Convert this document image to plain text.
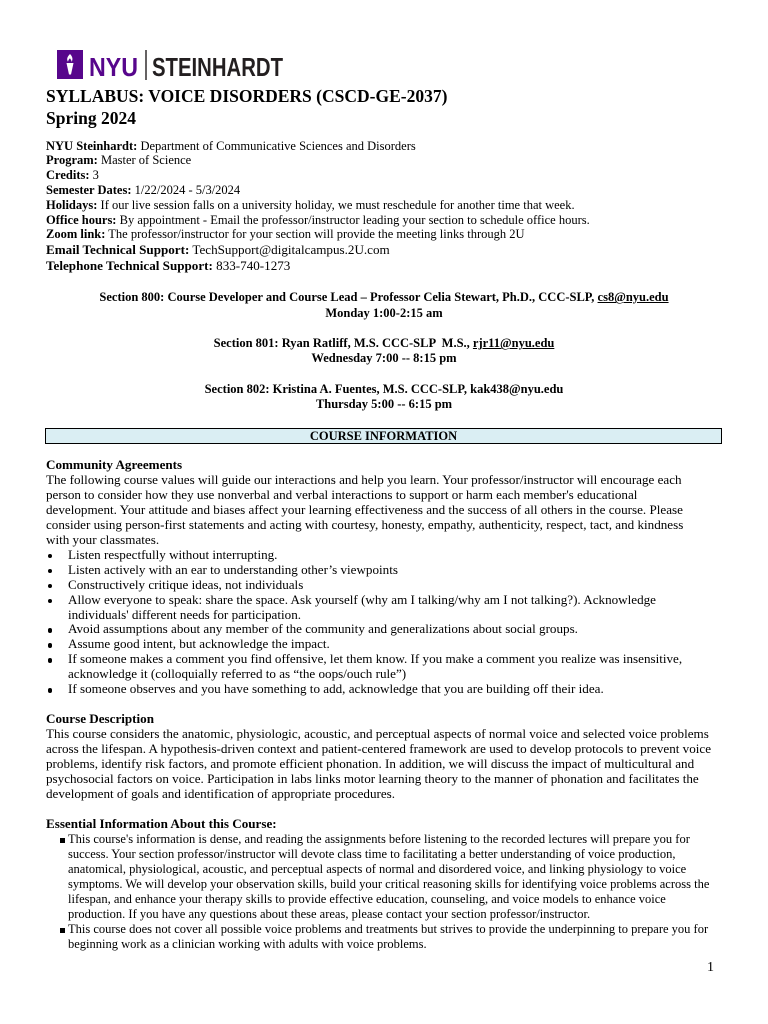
NYU STEINHARDT
SYLLABUS: VOICE DISORDERS (CSCD-GE-2037)
Spring 2024
NYU Steinhardt: Department of Communicative Sciences and Disorders
Program: Master of Science
Credits: 3
Semester Dates: 1/22/2024 - 5/3/2024
Holidays: If our live session falls on a university holiday, we must reschedule for another time that week.
Office hours: By appointment - Email the professor/instructor leading your section to schedule office hours.
Zoom link: The professor/instructor for your section will provide the meeting links through 2U
Email Technical Support: TechSupport@digitalcampus.2U.com
Telephone Technical Support: 833-740-1273
Section 800: Course Developer and Course Lead – Professor Celia Stewart, Ph.D., CCC-SLP, cs8@nyu.edu
Monday 1:00-2:15 am
Section 801: Ryan Ratliff, M.S. CCC-SLP  M.S., rjr11@nyu.edu
Wednesday 7:00 -- 8:15 pm
Section 802: Kristina A. Fuentes, M.S. CCC-SLP, kak438@nyu.edu
Thursday 5:00 -- 6:15 pm
COURSE INFORMATION
Community Agreements
The following course values will guide our interactions and help you learn. Your professor/instructor will encourage each
person to consider how they use nonverbal and verbal interactions to support or harm each member's educational
development. Your attitude and biases affect your learning effectiveness and the success of all others in the course. Please
consider using person-first statements and acting with courtesy, honesty, empathy, authenticity, respect, tact, and kindness
with your classmates.
Listen respectfully without interrupting.
Listen actively with an ear to understanding other’s viewpoints
Constructively critique ideas, not individuals
Allow everyone to speak: share the space. Ask yourself (why am I talking/why am I not talking?). Acknowledge
individuals' different needs for participation.
Avoid assumptions about any member of the community and generalizations about social groups.
Assume good intent, but acknowledge the impact.
If someone makes a comment you find offensive, let them know. If you make a comment you realize was insensitive,
acknowledge it (colloquially referred to as “the oops/ouch rule”)
If someone observes and you have something to add, acknowledge that you are building off their idea.
Course Description
This course considers the anatomic, physiologic, acoustic, and perceptual aspects of normal voice and selected voice problems
across the lifespan. A hypothesis-driven context and patient-centered framework are used to develop protocols to prevent voice
problems, identify risk factors, and promote efficient phonation. In addition, we will discuss the impact of multicultural and
psychosocial factors on voice. Participation in labs links motor learning theory to the manner of phonation and facilitates the
development of goals and identification of appropriate procedures.
Essential Information About this Course:
This course's information is dense, and reading the assignments before listening to the recorded lectures will prepare you for
success. Your section professor/instructor will devote class time to facilitating a better understanding of voice production,
anatomical, physiological, acoustic, and perceptual aspects of normal and disordered voice, and linking physiology to voice
symptoms. We will develop your observation skills, build your critical reasoning skills for identifying voice problems across the
lifespan, and enhance your therapy skills to provide effective education, counseling, and voice models to enhance voice
production. If you have any questions about these areas, please contact your section professor/instructor.
This course does not cover all possible voice problems and treatments but strives to provide the underpinning to prepare you for
beginning work as a clinician working with adults with voice problems.
1
